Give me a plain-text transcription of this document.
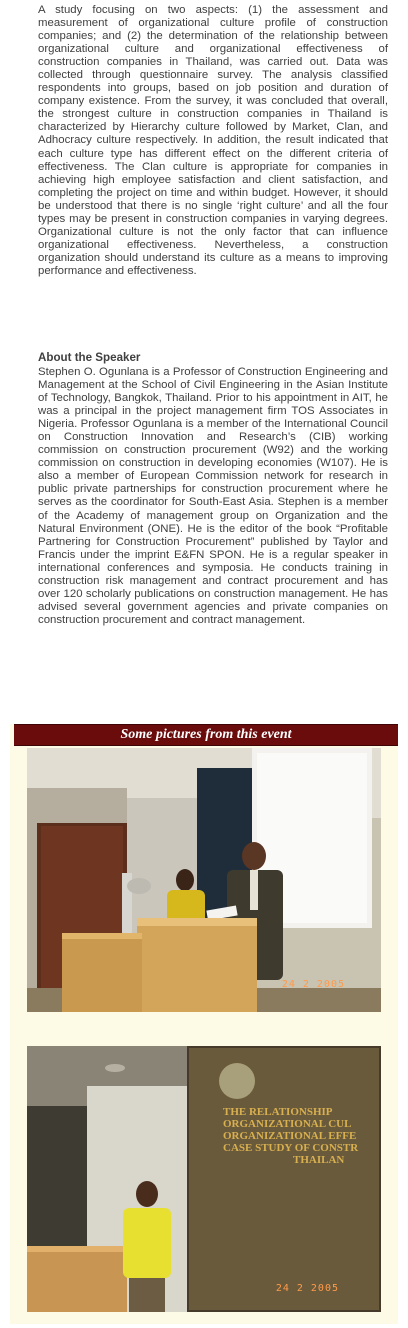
A study focusing on two aspects: (1) the assessment and measurement of organizational culture profile of construction companies; and (2) the determination of the relationship between organizational culture and organizational effectiveness of construction companies in Thailand, was carried out. Data was collected through questionnaire survey. The analysis classified respondents into groups, based on job position and duration of company existence. From the survey, it was concluded that overall, the strongest culture in construction companies in Thailand is characterized by Hierarchy culture followed by Market, Clan, and Adhocracy culture respectively. In addition, the result indicated that each culture type has different effect on the different criteria of effectiveness. The Clan culture is appropriate for companies in achieving high employee satisfaction and client satisfaction, and completing the project on time and within budget. However, it should be understood that there is no single ‘right culture’ and all the four types may be present in construction companies in varying degrees. Organizational culture is not the only factor that can influence organizational effectiveness. Nevertheless, a construction organization should understand its culture as a means to improving performance and effectiveness.

About the Speaker

Stephen O. Ogunlana is a Professor of Construction Engineering and Management at the School of Civil Engineering in the Asian Institute of Technology, Bangkok, Thailand. Prior to his appointment in AIT, he was a principal in the project management firm TOS Associates in Nigeria. Professor Ogunlana is a member of the International Council on Construction Innovation and Research’s (CIB) working commission on construction procurement (W92) and the working commission on construction in developing economies (W107). He is also a member of European Commission network for research in public private partnerships for construction procurement where he serves as the coordinator for South-East Asia. Stephen is a member of the Academy of management group on Organization and the Natural Environment (ONE). He is the editor of the book “Profitable Partnering for Construction Procurement” published by Taylor and Francis under the imprint E&FN SPON. He is a regular speaker in international conferences and symposia. He conducts training in construction risk management and contract procurement and has over 120 scholarly publications on construction management. He has advised several government agencies and private companies on construction procurement and contract management.

Some pictures from this event
24 2 2005
THE RELATIONSHIP
ORGANIZATIONAL CUL
ORGANIZATIONAL EFFE
CASE STUDY OF CONSTR
THAILAN
24 2 2005
